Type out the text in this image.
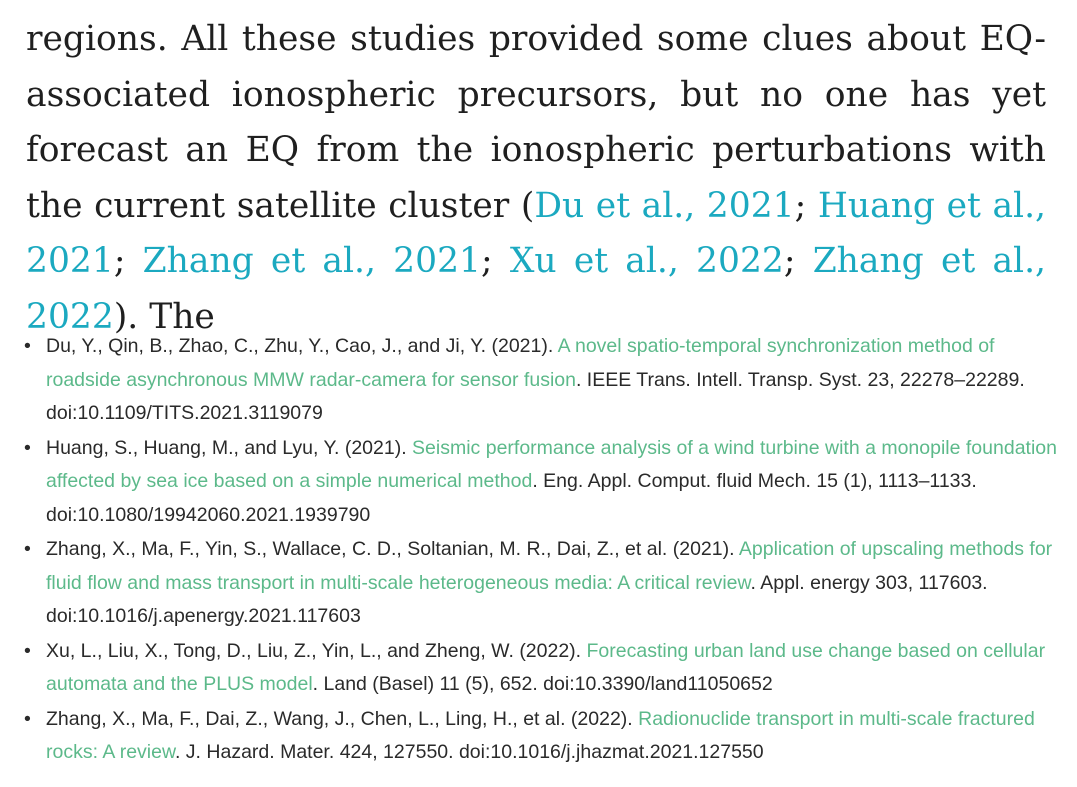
regions. All these studies provided some clues about EQ-associated ionospheric precursors, but no one has yet forecast an EQ from the ionospheric perturbations with the current satellite cluster (Du et al., 2021; Huang et al., 2021; Zhang et al., 2021; Xu et al., 2022; Zhang et al., 2022). The

• Du, Y., Qin, B., Zhao, C., Zhu, Y., Cao, J., and Ji, Y. (2021). A novel spatio-temporal synchronization method of roadside asynchronous MMW radar-camera for sensor fusion. IEEE Trans. Intell. Transp. Syst. 23, 22278–22289. doi:10.1109/TITS.2021.3119079
• Huang, S., Huang, M., and Lyu, Y. (2021). Seismic performance analysis of a wind turbine with a monopile foundation affected by sea ice based on a simple numerical method. Eng. Appl. Comput. fluid Mech. 15 (1), 1113–1133. doi:10.1080/19942060.2021.1939790
• Zhang, X., Ma, F., Yin, S., Wallace, C. D., Soltanian, M. R., Dai, Z., et al. (2021). Application of upscaling methods for fluid flow and mass transport in multi-scale heterogeneous media: A critical review. Appl. energy 303, 117603. doi:10.1016/j.apenergy.2021.117603
• Xu, L., Liu, X., Tong, D., Liu, Z., Yin, L., and Zheng, W. (2022). Forecasting urban land use change based on cellular automata and the PLUS model. Land (Basel) 11 (5), 652. doi:10.3390/land11050652
• Zhang, X., Ma, F., Dai, Z., Wang, J., Chen, L., Ling, H., et al. (2022). Radionuclide transport in multi-scale fractured rocks: A review. J. Hazard. Mater. 424, 127550. doi:10.1016/j.jhazmat.2021.127550
